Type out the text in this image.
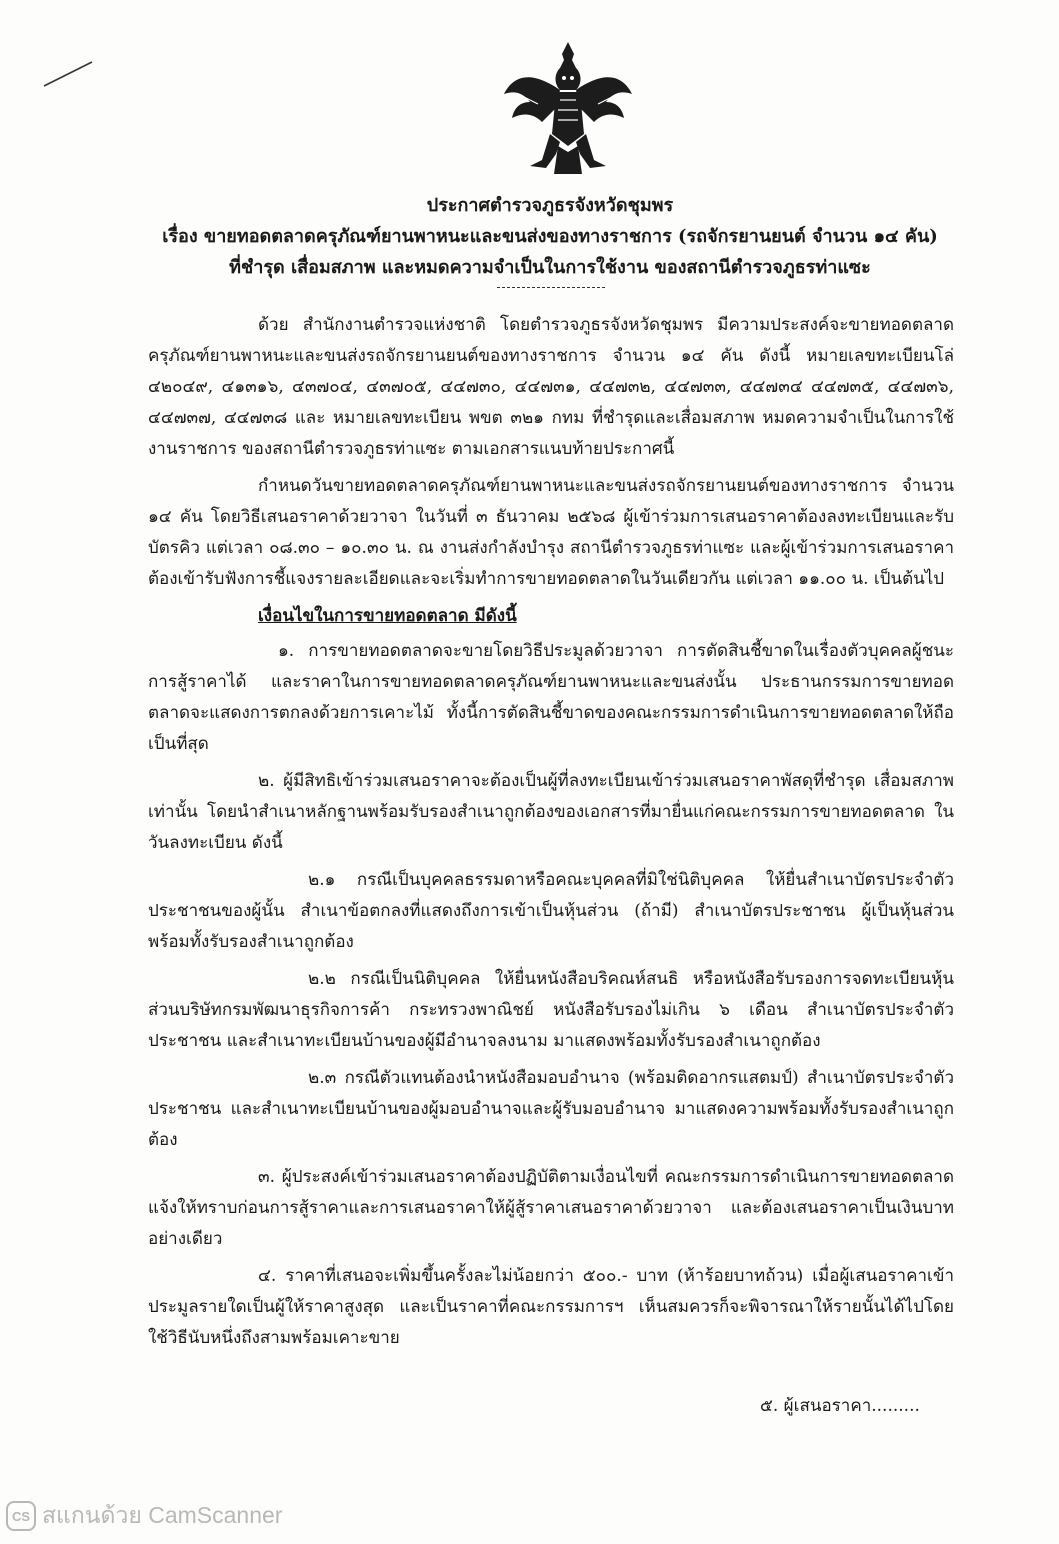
ประกาศตำรวจภูธรจังหวัดชุมพร
เรื่อง ขายทอดตลาดครุภัณฑ์ยานพาหนะและขนส่งของทางราชการ (รถจักรยานยนต์ จำนวน ๑๔ คัน)
ที่ชำรุด เสื่อมสภาพ และหมดความจำเป็นในการใช้งาน ของสถานีตำรวจภูธรท่าแซะ

ด้วย สำนักงานตำรวจแห่งชาติ โดยตำรวจภูธรจังหวัดชุมพร มีความประสงค์จะขายทอดตลาดครุภัณฑ์ยานพาหนะและขนส่งรถจักรยานยนต์ของทางราชการ จำนวน ๑๔ คัน ดังนี้ หมายเลขทะเบียนโล่ ๔๒๐๔๙, ๔๑๓๑๖, ๔๓๗๐๔, ๔๓๗๐๕, ๔๔๗๓๐, ๔๔๗๓๑, ๔๔๗๓๒, ๔๔๗๓๓, ๔๔๗๓๔ ๔๔๗๓๕, ๔๔๗๓๖, ๔๔๗๓๗, ๔๔๗๓๘ และ หมายเลขทะเบียน พขต ๓๒๑ กทม ที่ชำรุดและเสื่อมสภาพ หมดความจำเป็นในการใช้งานราชการ ของสถานีตำรวจภูธรท่าแซะ ตามเอกสารแนบท้ายประกาศนี้

กำหนดวันขายทอดตลาดครุภัณฑ์ยานพาหนะและขนส่งรถจักรยานยนต์ของทางราชการ จำนวน ๑๔ คัน โดยวิธีเสนอราคาด้วยวาจา ในวันที่ ๓ ธันวาคม ๒๕๖๘ ผู้เข้าร่วมการเสนอราคาต้องลงทะเบียนและรับบัตรคิว แต่เวลา ๐๘.๓๐ – ๑๐.๓๐ น. ณ งานส่งกำลังบำรุง สถานีตำรวจภูธรท่าแซะ และผู้เข้าร่วมการเสนอราคาต้องเข้ารับฟังการชี้แจงรายละเอียดและจะเริ่มทำการขายทอดตลาดในวันเดียวกัน แต่เวลา ๑๑.๐๐ น. เป็นต้นไป

เงื่อนไขในการขายทอดตลาด มีดังนี้

๑. การขายทอดตลาดจะขายโดยวิธีประมูลด้วยวาจา การตัดสินชี้ขาดในเรื่องตัวบุคคลผู้ชนะการสู้ราคาได้ และราคาในการขายทอดตลาดครุภัณฑ์ยานพาหนะและขนส่งนั้น ประธานกรรมการขายทอดตลาดจะแสดงการตกลงด้วยการเคาะไม้ ทั้งนี้การตัดสินชี้ขาดของคณะกรรมการดำเนินการขายทอดตลาดให้ถือเป็นที่สุด

๒. ผู้มีสิทธิเข้าร่วมเสนอราคาจะต้องเป็นผู้ที่ลงทะเบียนเข้าร่วมเสนอราคาพัสดุที่ชำรุด เสื่อมสภาพเท่านั้น โดยนำสำเนาหลักฐานพร้อมรับรองสำเนาถูกต้องของเอกสารที่มายื่นแก่คณะกรรมการขายทอดตลาด ในวันลงทะเบียน ดังนี้

๒.๑ กรณีเป็นบุคคลธรรมดาหรือคณะบุคคลที่มิใช่นิติบุคคล ให้ยื่นสำเนาบัตรประจำตัวประชาชนของผู้นั้น สำเนาข้อตกลงที่แสดงถึงการเข้าเป็นหุ้นส่วน (ถ้ามี) สำเนาบัตรประชาชน ผู้เป็นหุ้นส่วน พร้อมทั้งรับรองสำเนาถูกต้อง

๒.๒ กรณีเป็นนิติบุคคล ให้ยื่นหนังสือบริคณห์สนธิ หรือหนังสือรับรองการจดทะเบียนหุ้นส่วนบริษัทกรมพัฒนาธุรกิจการค้า กระทรวงพาณิชย์ หนังสือรับรองไม่เกิน ๖ เดือน สำเนาบัตรประจำตัวประชาชน และสำเนาทะเบียนบ้านของผู้มีอำนาจลงนาม มาแสดงพร้อมทั้งรับรองสำเนาถูกต้อง

๒.๓ กรณีตัวแทนต้องนำหนังสือมอบอำนาจ (พร้อมติดอากรแสตมป์) สำเนาบัตรประจำตัวประชาชน และสำเนาทะเบียนบ้านของผู้มอบอำนาจและผู้รับมอบอำนาจ มาแสดงความพร้อมทั้งรับรองสำเนาถูกต้อง

๓. ผู้ประสงค์เข้าร่วมเสนอราคาต้องปฏิบัติตามเงื่อนไขที่ คณะกรรมการดำเนินการขายทอดตลาด แจ้งให้ทราบก่อนการสู้ราคาและการเสนอราคาให้ผู้สู้ราคาเสนอราคาด้วยวาจา และต้องเสนอราคาเป็นเงินบาทอย่างเดียว

๔. ราคาที่เสนอจะเพิ่มขึ้นครั้งละไม่น้อยกว่า ๕๐๐.- บาท (ห้าร้อยบาทถ้วน) เมื่อผู้เสนอราคาเข้าประมูลรายใดเป็นผู้ให้ราคาสูงสุด และเป็นราคาที่คณะกรรมการฯ เห็นสมควรก็จะพิจารณาให้รายนั้นได้ไปโดยใช้วิธีนับหนึ่งถึงสามพร้อมเคาะขาย

๕. ผู้เสนอราคา.........
CS สแกนด้วย CamScanner
